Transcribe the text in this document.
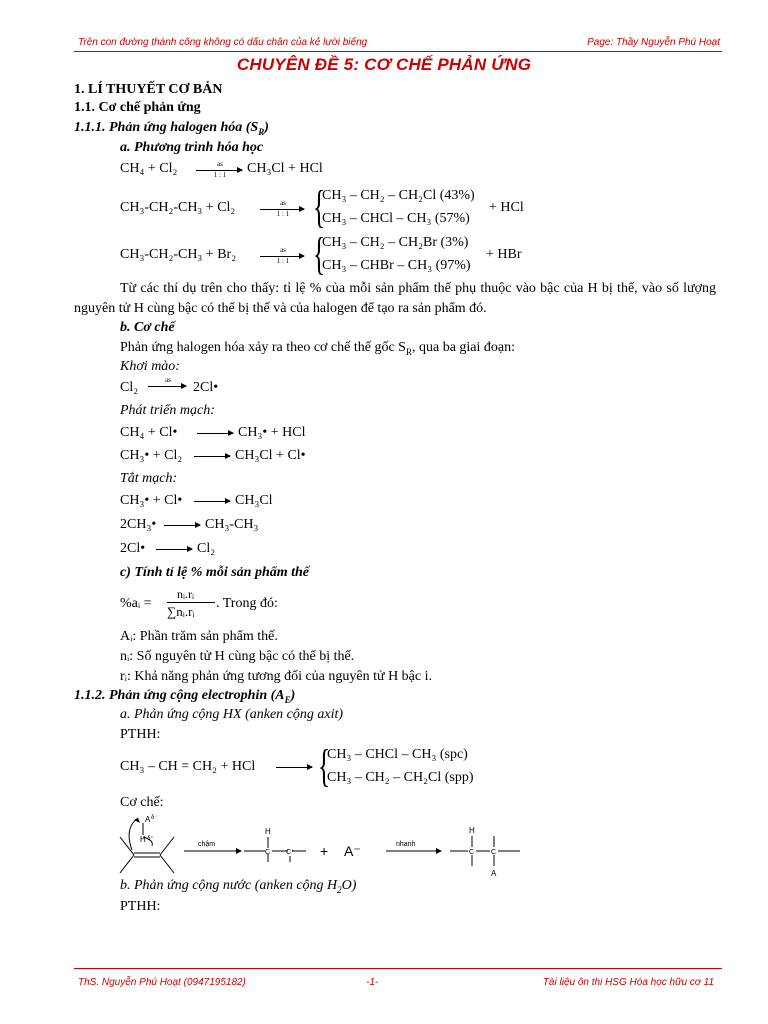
Trên con đường thành công không có dấu chân của kẻ lười biếng	Page: Thầy Nguyễn Phú Hoạt
CHUYÊN ĐỀ 5: CƠ CHẾ PHẢN ỨNG
1. LÍ THUYẾT CƠ BẢN
1.1. Cơ chế phản ứng
1.1.1. Phản ứng halogen hóa $(S_R)$
a. Phương trình hóa học
CH₄ + Cl₂	as
1 : 1	CH₃Cl + HCl
CH₃-CH₂-CH₃ + Cl₂	as
1 : 1 {
CH₃ – CH₂ – CH₂Cl (43%)
CH₃ – CHCl – CH₃ (57%)
+ HCl
CH₃-CH₂-CH₃ + Br₂	as
1 : 1 {
CH₃ – CH₂ – CH₂Br (3%)
CH₃ – CHBr – CH₃ (97%)
+ HBr
Từ các thí dụ trên cho thấy: tỉ lệ % của mỗi sản phẩm thế phụ thuộc vào bậc của H bị thế, vào số lượng nguyên tử H cùng bậc có thể bị thế và của halogen để tạo ra sản phẩm đó.
b. Cơ chế
Phản ứng halogen hóa xảy ra theo cơ chế thế gốc $S_R$, qua ba giai đoạn:
Khơi mào:
Cl₂	as	2Cl•
Phát triển mạch:
CH₄ + Cl•	CH₃• + HCl
CH₃• + Cl₂	CH₃Cl + Cl•
Tắt mạch:
CH₃• + Cl•	CH₃Cl
2CH₃•	CH₃-CH₃
2Cl•	Cl₂
c) Tính tỉ lệ % mỗi sản phẩm thế
%aᵢ =
nᵢ.rᵢ
∑nᵢ.rᵢ
. Trong đó:
Aᵢ: Phần trăm sản phẩm thế.
nᵢ: Số nguyên tử H cùng bậc có thể bị thế.
rᵢ: Khả năng phản ứng tương đối của nguyên tử H bậc i.
1.1.2. Phản ứng cộng electrophin $(A_E)$
a. Phản ứng cộng HX (anken cộng axit)
PTHH:
CH₃ – CH = CH₂ + HCl {
CH₃ – CHCl – CH₃ (spc)
CH₃ – CH₂ – CH₂Cl (spp)
Cơ chế:
A δ⁻
H δ⁺
chậm
H
C C⁺ + A⁻	nhanh
H
C C
A
b. Phản ứng cộng nước (anken cộng $H_2O$)
PTHH:
ThS. Nguyễn Phú Hoạt (0947195182)	-1-	Tài liệu ôn thi HSG Hóa học hữu cơ 11
